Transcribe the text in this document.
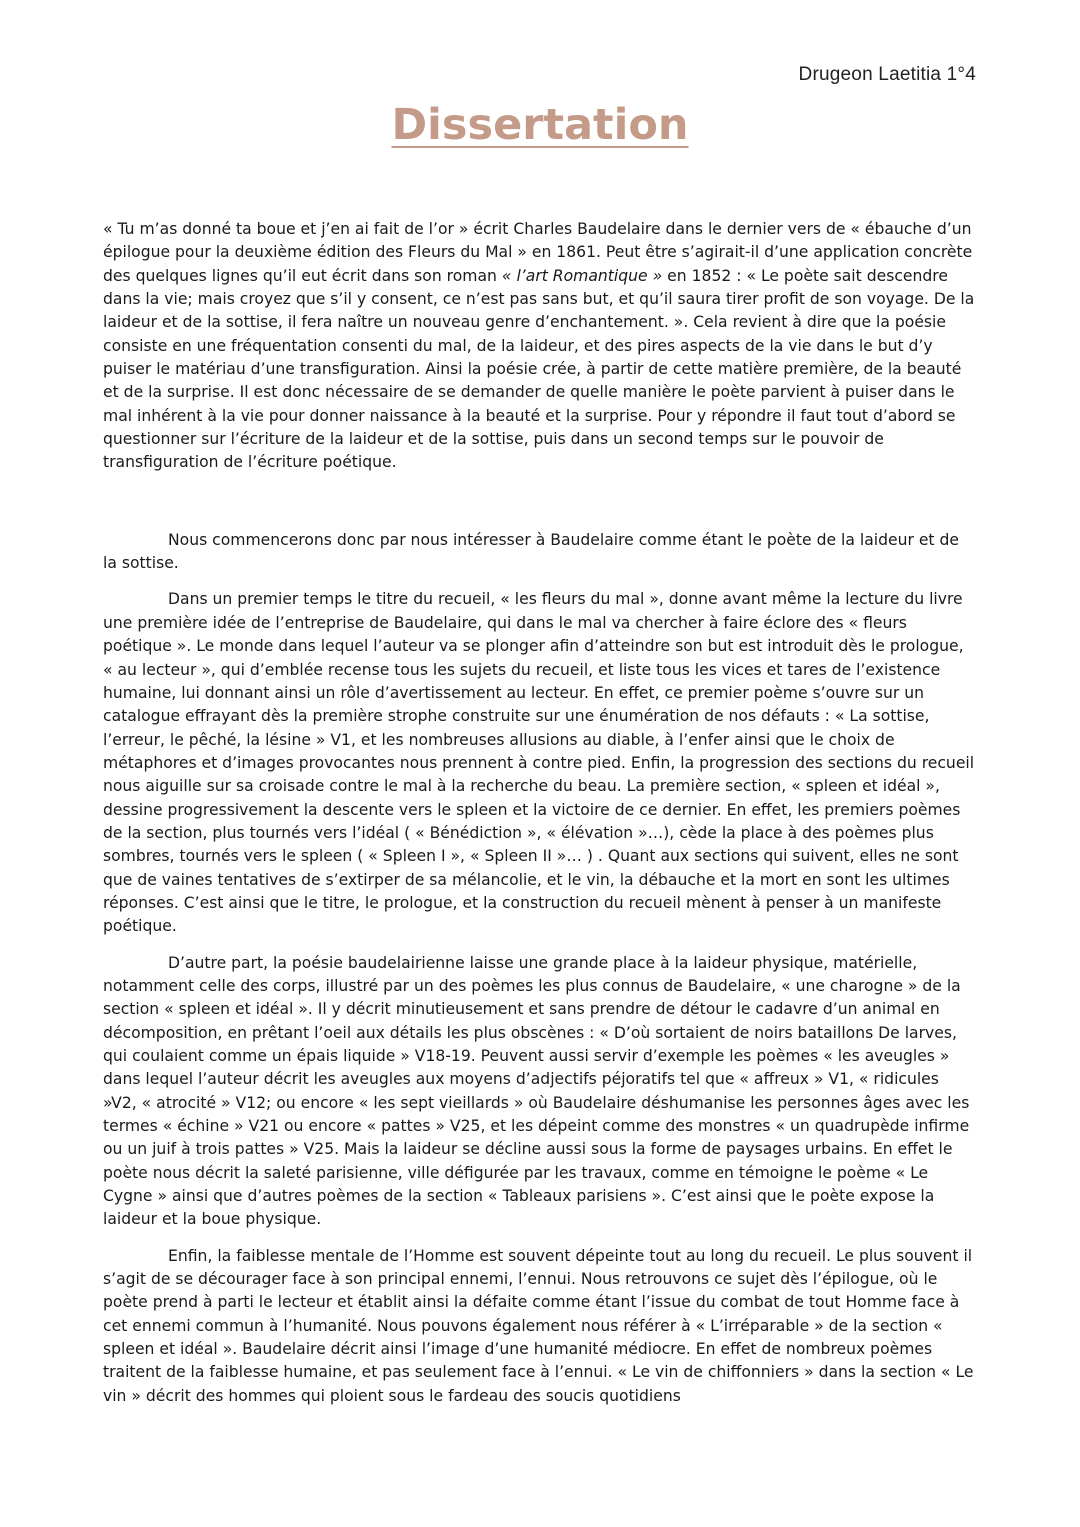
Drugeon Laetitia 1°4
Dissertation

« Tu m’as donné ta boue et j’en ai fait de l’or » écrit Charles Baudelaire dans le dernier vers de « ébauche d’un épilogue pour la deuxième édition des Fleurs du Mal » en 1861. Peut être s’agirait-il d’une application concrète des quelques lignes qu’il eut écrit dans son roman « l’art Romantique » en 1852 : « Le poète sait descendre dans la vie; mais croyez que s’il y consent, ce n’est pas sans but, et qu’il saura tirer profit de son voyage. De la laideur et de la sottise, il fera naître un nouveau genre d’enchantement. ». Cela revient à dire que la poésie consiste en une fréquentation consenti du mal, de la laideur, et des pires aspects de la vie dans le but d’y puiser le matériau d’une transfiguration. Ainsi la poésie crée, à partir de cette matière première, de la beauté et de la surprise. Il est donc nécessaire de se demander de quelle manière le poète parvient à puiser dans le mal inhérent à la vie pour donner naissance à la beauté et la surprise. Pour y répondre il faut tout d’abord se questionner sur l’écriture de la laideur et de la sottise, puis dans un second temps sur le pouvoir de transfiguration de l’écriture poétique.

Nous commencerons donc par nous intéresser à Baudelaire comme étant le poète de la laideur et de la sottise.

Dans un premier temps le titre du recueil, « les fleurs du mal », donne avant même la lecture du livre une première idée de l’entreprise de Baudelaire, qui dans le mal va chercher à faire éclore des « fleurs poétique ». Le monde dans lequel l’auteur va se plonger afin d’atteindre son but est introduit dès le prologue, « au lecteur », qui d’emblée recense tous les sujets du recueil, et liste tous les vices et tares de l’existence humaine, lui donnant ainsi un rôle d’avertissement au lecteur. En effet, ce premier poème s’ouvre sur un catalogue effrayant dès la première strophe construite sur une énumération de nos défauts : « La sottise, l’erreur, le pêché, la lésine » V1, et les nombreuses allusions au diable, à l’enfer ainsi que le choix de métaphores et d’images provocantes nous prennent à contre pied. Enfin, la progression des sections du recueil nous aiguille sur sa croisade contre le mal à la recherche du beau. La première section, « spleen et idéal », dessine progressivement la descente vers le spleen et la victoire de ce dernier. En effet, les premiers poèmes de la section, plus tournés vers l’idéal ( « Bénédiction », « élévation »…), cède la place à des poèmes plus sombres, tournés vers le spleen ( « Spleen I », « Spleen II »… ) . Quant aux sections qui suivent, elles ne sont que de vaines tentatives de s’extirper de sa mélancolie, et le vin, la débauche et la mort en sont les ultimes réponses. C’est ainsi que le titre, le prologue, et la construction du recueil mènent à penser à un manifeste poétique.

D’autre part, la poésie baudelairienne laisse une grande place à la laideur physique, matérielle, notamment celle des corps, illustré par un des poèmes les plus connus de Baudelaire, « une charogne » de la section « spleen et idéal ». Il y décrit minutieusement et sans prendre de détour le cadavre d’un animal en décomposition, en prêtant l’oeil aux détails les plus obscènes : « D’où sortaient de noirs bataillons De larves, qui coulaient comme un épais liquide » V18-19. Peuvent aussi servir d’exemple les poèmes « les aveugles » dans lequel l’auteur décrit les aveugles aux moyens d’adjectifs péjoratifs tel que « affreux » V1, « ridicules »V2, « atrocité » V12; ou encore « les sept vieillards » où Baudelaire déshumanise les personnes âges avec les termes « échine » V21 ou encore « pattes » V25, et les dépeint comme des monstres « un quadrupède infirme ou un juif à trois pattes » V25. Mais la laideur se décline aussi sous la forme de paysages urbains. En effet le poète nous décrit la saleté parisienne, ville défigurée par les travaux, comme en témoigne le poème « Le Cygne » ainsi que d’autres poèmes de la section « Tableaux parisiens ». C’est ainsi que le poète expose la laideur et la boue physique.

Enfin, la faiblesse mentale de l’Homme est souvent dépeinte tout au long du recueil. Le plus souvent il s’agit de se décourager face à son principal ennemi, l’ennui. Nous retrouvons ce sujet dès l’épilogue, où le poète prend à parti le lecteur et établit ainsi la défaite comme étant l’issue du combat de tout Homme face à cet ennemi commun à l’humanité. Nous pouvons également nous référer à « L’irréparable » de la section « spleen et idéal ». Baudelaire décrit ainsi l’image d’une humanité médiocre. En effet de nombreux poèmes traitent de la faiblesse humaine, et pas seulement face à l’ennui. « Le vin de chiffonniers » dans la section « Le vin » décrit des hommes qui ploient sous le fardeau des soucis quotidiens
